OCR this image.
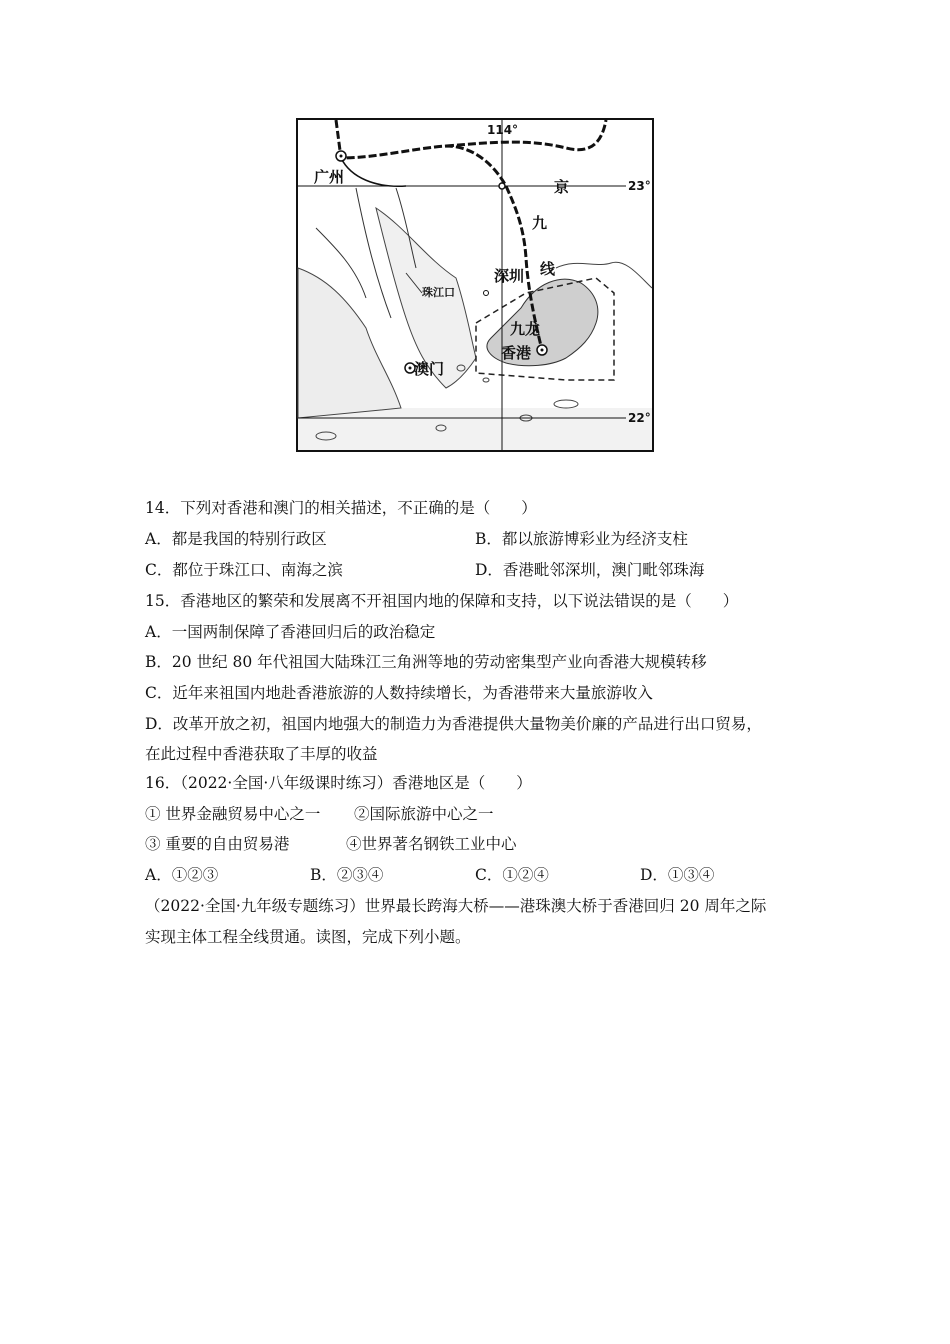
114°
23°
22°
广州
京
九
线
深圳
珠江口
九龙
香港
澳门
14．下列对香港和澳门的相关描述，不正确的是（　　）
A．都是我国的特别行政区	B．都以旅游博彩业为经济支柱
C．都位于珠江口、南海之滨	D．香港毗邻深圳，澳门毗邻珠海
15．香港地区的繁荣和发展离不开祖国内地的保障和支持，以下说法错误的是（　　）
A．一国两制保障了香港回归后的政治稳定
B．20 世纪 80 年代祖国大陆珠江三角洲等地的劳动密集型产业向香港大规模转移
C．近年来祖国内地赴香港旅游的人数持续增长，为香港带来大量旅游收入
D．改革开放之初，祖国内地强大的制造力为香港提供大量物美价廉的产品进行出口贸易，
在此过程中香港获取了丰厚的收益
16．（2022·全国·八年级课时练习）香港地区是（　　）
① 世界金融贸易中心之一 ②国际旅游中心之一
③ 重要的自由贸易港	④世界著名钢铁工业中心
A．①②③	B．②③④	C．①②④	D．①③④
（2022·全国·九年级专题练习）世界最长跨海大桥——港珠澳大桥于香港回归 20 周年之际
实现主体工程全线贯通。读图，完成下列小题。
